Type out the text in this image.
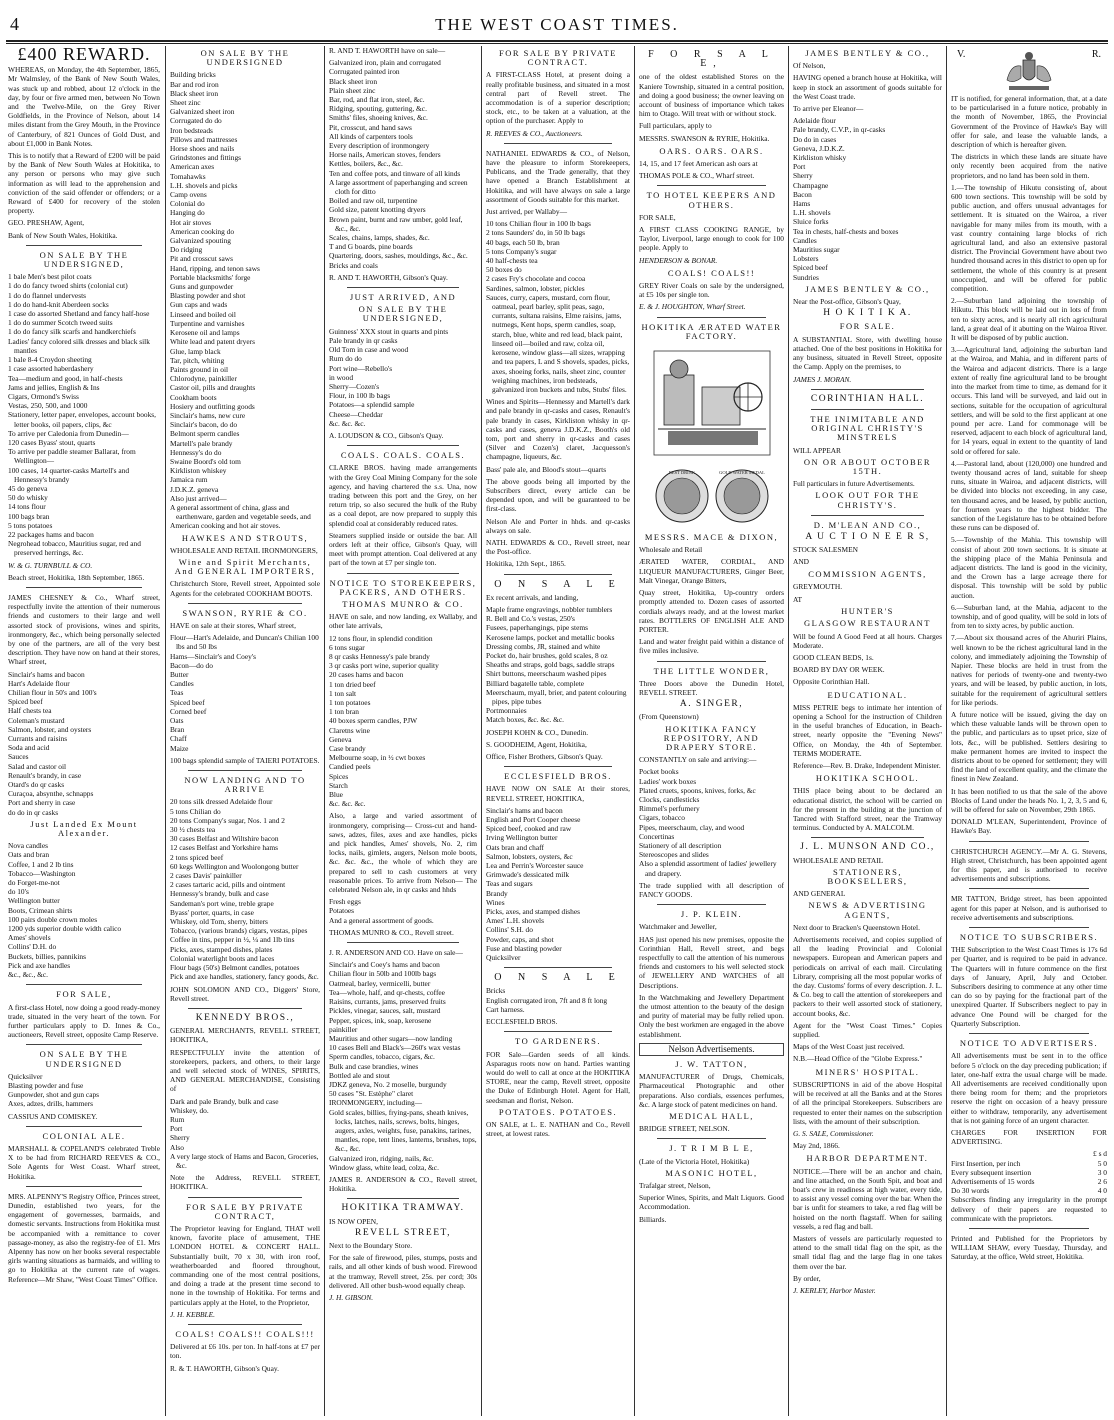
4	THE WEST COAST TIMES.
£400 REWARD.

WHEREAS, on Monday, the 4th September, 1865, Mr Walmsley, of the Bank of New South Wales, was stuck up and robbed, about 12 o'clock in the day, by four or five armed men, between No Town and the Twelve-Mile, on the Grey River Goldfields, in the Province of Nelson, about 14 miles distant from the Grey Mouth, in the Province of Canterbury, of 821 Ounces of Gold Dust, and about £1,000 in Bank Notes.

This is to notify that a Reward of £200 will be paid by the Bank of New South Wales at Hokitika, to any person or persons who may give such information as will lead to the apprehension and conviction of the said offender or offenders; or a Reward of £400 for recovery of the stolen property.

GEO. PRESHAW, Agent,

Bank of New South Wales, Hokitika.

ON SALE BY THE UNDERSIGNED,
1 bale Men's best pilot coats
1 do do fancy twoed shirts (colonial cut)
1 do do flannel undervests
1 do do hand-knit Aberdeen socks
1 case do assorted Shetland and fancy half-hose
1 do do summer Scotch tweed suits
1 do do fancy silk scarfs and handkerchiefs
Ladies' fancy colored silk dresses and black silk mantles
1 bale 8-4 Croydon sheeting
1 case assorted haberdashery
Tea—medium and good, in half-chests
Jams and jellies, English & Ins
Cigars, Ormond's Swiss
Vestas, 250, 500, and 1000
Stationery, letter paper, envelopes, account books, letter books, oil papers, clips, &c
To arrive per Caledonia from Dunedin—
120 cases Byass' stout, quarts
To arrive per paddle steamer Ballarat, from Wellington—
100 cases, 14 quarter-casks Martell's and Hennessy's brandy
45 do geneva
50 do whisky
14 tons flour
100 bags bran
5 tons potatoes
22 packages hams and bacon
Negrohead tobacco, Mauritius sugar, red and preserved herrings, &c.

W. & G. TURNBULL & CO.

Beach street, Hokitika, 18th September, 1865.

JAMES CHESNEY & Co., Wharf street, respectfully invite the attention of their numerous friends and customers to their large and well assorted stock of provisions, wines and spirits, ironmongery, &c., which being personally selected by one of the partners, are all of the very best description. They have now on hand at their stores, Wharf street,

Sinclair's hams and bacon
Hart's Adelaide flour
Chilian flour in 50's and 100's
Spiced beef
Half chests tea
Coleman's mustard
Salmon, lobster, and oysters
Currants and raisins
Soda and acid
Sauces
Salad and castor oil
Renault's brandy, in case
Otard's do qr casks
Curaçoa, absynthe, schnapps
Port and sherry in case
do do in qr casks
Just Landed Ex Mount Alexander.
Nova candles
Oats and bran
Coffee, 1 and 2 lb tins
Tobacco—Washington
do Forget-me-not
do 10's
Wellington butter
Boots, Crimean shirts
100 pairs double crown moles
1200 yds superior double width calico
Ames' shovels
Collins' D.H. do
Buckets, billies, pannikins
Pick and axe handles
&c., &c., &c.
FOR SALE,

A first-class Hotel, now doing a good ready-money trade, situated in the very heart of the town. For further particulars apply to D. Innes & Co., auctioneers, Revell street, opposite Camp Reserve.

ON SALE BY THE UNDERSIGNED
Quicksilver
Blasting powder and fuse
Gunpowder, shot and gun caps
Axes, adzes, drills, hammers

CASSIUS AND COMISKEY.

COLONIAL ALE.

MARSHALL & COPELAND'S celebrated Treble X to be had from RICHARD REEVES & CO., Sole Agents for West Coast. Wharf street, Hokitika.

MRS. ALPENNY'S Registry Office, Princes street, Dunedin, established two years, for the engagement of governesses, barmaids, and domestic servants. Instructions from Hokitika must be accompanied with a remittance to cover passage-money, as also the registry-fee of £1. Mrs Alpenny has now on her books several respectable girls wanting situations as barmaids, and willing to go to Hokitika at the current rate of wages. Reference—Mr Shaw, "West Coast Times" Office.

ON SALE BY THE UNDERSIGNED
Building bricks
Bar and rod iron
Black sheet iron
Sheet zinc
Galvanized sheet iron
Corrugated do do
Iron bedsteads
Pillows and mattresses
Horse shoes and nails
Grindstones and fittings
American axes
Tomahawks
L.H. shovels and picks
Camp ovens
Colonial do
Hanging do
Hot air stoves
American cooking do
Galvanized spouting
Do ridging
Pit and crosscut saws
Hand, ripping, and tenon saws
Portable blacksmiths' forge
Guns and gunpowder
Blasting powder and shot
Gun caps and wads
Linseed and boiled oil
Turpentine and varnishes
Kerosene oil and lamps
White lead and patent dryers
Glue, lamp black
Tar, pitch, whiting
Paints ground in oil
Chlorodyne, painkiller
Castor oil, pills and draughts
Cookham boots
Hosiery and outfitting goods
Sinclair's hams, new cure
Sinclair's bacon, do do
Belmont sperm candles
Martell's pale brandy
Hennessy's do do
Swaine Boord's old tom
Kirkliston whiskey
Jamaica rum
J.D.K.Z. geneva
Also just arrived—
A general assortment of china, glass and earthenware, garden and vegetable seeds, and
American cooking and hot air stoves.
HAWKES AND STROUTS,

WHOLESALE AND RETAIL IRONMONGERS,

Wine and Spirit Merchants, And GENERAL IMPORTERS,

Christchurch Store, Revell street, Appointed sole Agents for the celebrated COOKHAM BOOTS.

SWANSON, RYRIE & CO.

HAVE on sale at their stores, Wharf street,

Flour—Hart's Adelaide, and Duncan's Chilian 100 lbs and 50 lbs
Hams—Sinclair's and Coey's
Bacon—do do
Butter
Candles
Teas
Spiced beef
Corned beef
Oats
Bran
Chaff
Maize

100 bags splendid sample of TAIERI POTATOES.

NOW LANDING AND TO ARRIVE
20 tons silk dressed Adelaide flour
5 tons Chilian do
20 tons Company's sugar, Nos. 1 and 2
30 ½ chests tea
30 cases Belfast and Wiltshire bacon
12 cases Belfast and Yorkshire hams
2 tons spiced beef
60 kegs Wellington and Woolongong butter
2 cases Davis' painkiller
2 cases tartaric acid, pills and ointment
Hennessy's brandy, bulk and case
Sandeman's port wine, treble grape
Byass' porter, quarts, in case
Whiskey, old Tom, sherry, bitters
Tobacco, (various brands) cigars, vestas, pipes
Coffee in tins, pepper in ½, ¼ and 1lb tins
Picks, axes, stamped dishes, plates
Colonial waterlight boots and laces
Flour bags (50's) Belmont candles, potatoes
Pick and axe handles, stationery, fancy goods, &c.

JOHN SOLOMON AND CO., Diggers' Store, Revell street.

KENNEDY BROS.,

GENERAL MERCHANTS, REVELL STREET, HOKITIKA,

RESPECTFULLY invite the attention of storekeepers, packers, and others, to their large and well selected stock of WINES, SPIRITS, AND GENERAL MERCHANDISE, Consisting of

Dark and pale Brandy, bulk and case
Whiskey, do.
Rum
Port
Sherry
Also
A very large stock of Hams and Bacon, Groceries, &c.

Note the Address, REVELL STREET, HOKITIKA.

FOR SALE BY PRIVATE CONTRACT,

The Proprietor leaving for England, THAT well known, favorite place of amusement, THE LONDON HOTEL & CONCERT HALL. Substantially built, 70 x 30, with iron roof, weatherboarded and floored throughout, commanding one of the most central positions, and doing a trade at the present time second to none in the township of Hokitika. For terms and particulars apply at the Hotel, to the Proprietor,

J. H. KEBBLE.

COALS! COALS!! COALS!!!

Delivered at £6 10s. per ton. In half-tons at £7 per ton.

R. & T. HAWORTH, Gibson's Quay.

R. AND T. HAWORTH have on sale—

Galvanized iron, plain and corrugated
Corrugated painted iron
Black sheet iron
Plain sheet zinc
Bar, rod, and flat iron, steel, &c.
Ridging, spouting, guttering, &c.
Smiths' files, shoeing knives, &c.
Pit, crosscut, and hand saws
All kinds of carpenters tools
Every description of ironmongery
Horse nails, American stoves, fenders
Kettles, boilers, &c., &c.
Ten and coffee pots, and tinware of all kinds
A large assortment of paperhanging and screen cloth for ditto
Boiled and raw oil, turpentine
Gold size, patent knotting dryers
Brown paint, burnt and raw umber, gold leaf, &c., &c.
Scales, chains, lamps, shades, &c.
T and G boards, pine boards
Quartering, doors, sashes, mouldings, &c., &c.
Bricks and coals

R. AND T. HAWORTH, Gibson's Quay.

JUST ARRIVED, AND
ON SALE BY THE UNDERSIGNED,
Guinness' XXX stout in quarts and pints
Pale brandy in qr casks
Old Tom in case and wood
Rum do do
Port wine—Rebello's
in wood
Sherry—Cozen's
Flour, in 100 lb bags
Potatoes—a splendid sample
Cheese—Cheddar
&c. &c. &c.

A. LOUDSON & CO., Gibson's Quay.

COALS. COALS. COALS.

CLARKE BROS. having made arrangements with the Grey Coal Mining Company for the sole agency, and having chartered the s.s. Una, now trading between this port and the Grey, on her return trip, so also secured the hulk of the Ruby as a coal depot, are now prepared to supply this splendid coal at considerably reduced rates.

Steamers supplied inside or outside the bar. All orders left at their office, Gibson's Quay, will meet with prompt attention. Coal delivered at any part of the town at £7 per single ton.

NOTICE TO STOREKEEPERS, PACKERS, AND OTHERS.
THOMAS MUNRO & CO.

HAVE on sale, and now landing, ex Wallaby, and other late arrivals,

12 tons flour, in splendid condition
6 tons sugar
8 qr casks Hennessy's pale brandy
3 qr casks port wine, superior quality
20 cases hams and bacon
1 ton dried beef
1 ton salt
1 ton potatoes
1 ton bran
40 boxes sperm candles, PJW
Claretns wine
Geneva
Case brandy
Melbourne soap, in ½ cwt boxes
Candied peels
Spices
Starch
Blue
&c. &c. &c.

Also, a large and varied assortment of ironmongery, comprising— Cross-cut and hand-saws, adzes, files, axes and axe handles, picks and pick handles, Ames' shovels, No. 2, rim locks, nails, gimlets, augers, Nelson mole boots, &c. &c. &c., the whole of which they are prepared to sell to cash customers at very reasonable prices. To arrive from Nelson— The celebrated Nelson ale, in qr casks and hhds

Fresh eggs
Potatoes
And a general assortment of goods.

THOMAS MUNRO & CO., Revell street.

J. R. ANDERSON AND CO. Have on sale—

Sinclair's and Coey's hams and bacon
Chilian flour in 50lb and 100lb bags
Oatmeal, barley, vermicelli, butter
Tea—whole, half, and qr-chests, coffee
Raisins, currants, jams, preserved fruits
Pickles, vinegar, sauces, salt, mustard
Pepper, spices, ink, soap, kerosene
painkiller
Mauritius and other sugars—now landing
10 cases Bell and Black's—260's wax vestas
Sperm candles, tobacco, cigars, &c.
Bulk and case brandies, wines
Bottled ale and stout
JDKZ geneva, No. 2 moselle, burgundy
50 cases "St. Estèphe" claret
IRONMONGERY, including—
Gold scales, billies, frying-pans, sheath knives, locks, latches, nails, screws, bolts, hinges, augers, axles, weights, fuse, panakins, tarines, mantles, rope, tent lines, lanterns, brushes, tops, &c., &c.
Galvanized iron, ridging, nails, &c.
Window glass, white lead, colza, &c.

JAMES R. ANDERSON & CO., Revell street, Hokitika.

HOKITIKA TRAMWAY.

IS NOW OPEN,

REVELL STREET,

Next to the Boundary Store.

For the sale of firewood, piles, stumps, posts and rails, and all other kinds of bush wood. Firewood at the tramway, Revell street, 25s. per cord; 30s delivered. All other bush-wood equally cheap.

J. H. GIBSON.

FOR SALE BY PRIVATE CONTRACT.

A FIRST-CLASS Hotel, at present doing a really profitable business, and situated in a most central part of Revell street. The accommodation is of a superior description; stock, etc., to be taken at a valuation, at the option of the purchaser. Apply to

R. REEVES & CO., Auctioneers.

NATHANIEL EDWARDS & CO., of Nelson, have the pleasure to inform Storekeepers, Publicans, and the Trade generally, that they have opened a Branch Establishment at Hokitika, and will have always on sale a large assortment of Goods suitable for this market.

Just arrived, per Wallaby—

10 tons Chilian flour in 100 lb bags
2 tons Saunders' do, in 50 lb bags
40 bags, each 50 lb, bran
5 tons Company's sugar
40 half-chests tea
50 boxes do
2 cases Fry's chocolate and cocoa
Sardines, salmon, lobster, pickles
Sauces, curry, capers, mustard, corn flour, oatmeal, pearl barley, split peas, sago, currants, sultana raisins, Elme raisins, jams, nutmegs, Kent hops, sperm candles, soap, starch, blue, white and red lead, black paint, linseed oil—boiled and raw, colza oil, kerosene, window glass—all sizes, wrapping and tea papers, L and S shovels, spades, picks, axes, shoeing forks, nails, sheet zinc, counter weighing machines, iron bedsteads, galvanized iron buckets and tubs, Stubs' files.

Wines and Spirits—Hennessy and Martell's dark and pale brandy in qr-casks and cases, Renault's pale brandy in cases, Kirkliston whisky in qr-casks and cases, geneva J.D.K.Z., Booth's old tom, port and sherry in qr-casks and cases (Silver and Cozen's) claret, Jacquesson's champagne, liqueurs, &c.

Bass' pale ale, and Blood's stout—quarts

The above goods being all imported by the Subscribers direct, every article can be depended upon, and will be guaranteed to be first-class.

Nelson Ale and Porter in hhds. and qr-casks always on sale.

NATH. EDWARDS & CO., Revell street, near the Post-office.

Hokitika, 12th Sept., 1865.

O N S A L E

Ex recent arrivals, and landing,

Maple frame engravings, nobbler tumblers
R. Bell and Co.'s vestas, 250's
Fusees, paperhangings, pipe stems
Kerosene lamps, pocket and metallic books
Dressing combs, JR, stained and white
Pocket do, hair brushes, gold scales, 8 oz
Sheaths and straps, gold bags, saddle straps
Shirt buttons, meerschaum washed pipes
Billiard bagatelle table, complete
Meerschaum, myall, brier, and patent colouring pipes, pipe tubes
Portmonnaies
Match boxes, &c. &c. &c.

JOSEPH KOHN & CO., Dunedin.

S. GOODHEIM, Agent, Hokitika,

Office, Fisher Brothers, Gibson's Quay.

ECCLESFIELD BROS.

HAVE NOW ON SALE At their stores, REVELL STREET, HOKITIKA,

Sinclair's hams and bacon
English and Port Cooper cheese
Spiced beef, cooked and raw
Irving Wellington butter
Oats bran and chaff
Salmon, lobsters, oysters, &c
Lea and Perrin's Worcester sauce
Grimwade's dessicated milk
Teas and sugars
Brandy
Wines
Picks, axes, and stamped dishes
Ames' L.H. shovels
Collins' S.H. do
Powder, caps, and shot
Fuse and blasting powder
Quicksilver
O N S A L E
Bricks
English corrugated iron, 7ft and 8 ft long
Cart harness.

ECCLESFIELD BROS.

TO GARDENERS.

FOR Sale—Garden seeds of all kinds. Asparagus roots now on hand. Parties wanting would do well to call at once at the HOKITIKA STORE, near the camp, Revell street, opposite the Duke of Edinburgh Hotel. Agent for Hall, seedsman and florist, Nelson.

POTATOES. POTATOES.

ON SALE, at L. E. NATHAN and Co., Revell street, at lowest rates.

F O R S A L E,

one of the oldest established Stores on the Kaniere Township, situated in a central position, and doing a good business; the owner leaving on account of business of importance which takes him to Otago. Will treat with or without stock.

Full particulars, apply to

MESSRS. SWANSON & RYRIE, Hokitika.

OARS. OARS. OARS.

14, 15, and 17 feet American ash oars at

THOMAS POLE & CO., Wharf street.

TO HOTEL KEEPERS AND OTHERS.

FOR SALE,

A FIRST CLASS COOKING RANGE, by Taylor, Liverpool, large enough to cook for 100 people. Apply to

HENDERSON & BONAR.

COALS! COALS!!

GREY River Coals on sale by the undersigned, at £5 10s per single ton.

E. & J. HOUGHTON, Wharf Street.

HOKITIKA ÆRATED WATER FACTORY.
BEST DRINK	GOLD WATER MEDAL
MESSRS. MACE & DIXON,

Wholesale and Retail

ÆRATED WATER, CORDIAL, AND LIQUEUR MANUFACTURERS, Ginger Beer, Malt Vinegar, Orange Bitters,

Quay street, Hokitika, Up-country orders promptly attended to. Dozen cases of assorted cordials always ready, and at the lowest market rates. BOTTLERS OF ENGLISH ALE AND PORTER.

Land and water freight paid within a distance of five miles inclusive.

THE LITTLE WONDER,

Three Doors above the Dunedin Hotel, REVELL STREET.

A. SINGER,

(From Queenstown)

HOKITIKA FANCY REPOSITORY, AND DRAPERY STORE.

CONSTANTLY on sale and arriving:—

Pocket books
Ladies' work boxes
Plated cruets, spoons, knives, forks, &c
Clocks, candlesticks
Rimmel's perfumery
Cigars, tobacco
Pipes, meerschaum, clay, and wood
Concertinas
Stationery of all description
Stereoscopes and slides
Also a splendid assortment of ladies' jewellery and drapery.

The trade supplied with all description of FANCY GOODS.

J. P. KLEIN.

Watchmaker and Jeweller,

HAS just opened his new premises, opposite the Corinthian Hall, Revell street, and begs respectfully to call the attention of his numerous friends and customers to his well selected stock of JEWELLERY AND WATCHES of all Descriptions.

In the Watchmaking and Jewellery Department the utmost attention to the beauty of the design and purity of material may be fully relied upon. Only the best workmen are engaged in the above establishment.

Nelson Advertisements.
J. W. TATTON,

MANUFACTURER of Drugs, Chemicals, Pharmaceutical Photographic and other preparations. Also cordials, essences perfumes, &c. A large stock of patent medicines on hand.

MEDICAL HALL,

BRIDGE STREET, NELSON.

J. T R I M B L E,

(Late of the Victoria Hotel, Hokitika)

MASONIC HOTEL,

Trafalgar street, Nelson,

Superior Wines, Spirits, and Malt Liquors. Good Accommodation.

Billiards.

JAMES BENTLEY & CO.,

Of Nelson,

HAVING opened a branch house at Hokitika, will keep in stock an assortment of goods suitable for the West Coast trade.

To arrive per Eleanor—

Adelaide flour
Pale brandy, C.V.P., in qr-casks
Do do in cases
Geneva, J.D.K.Z.
Kirkliston whisky
Port
Sherry
Champagne
Bacon
Hams
L.H. shovels
Sluice forks
Tea in chests, half-chests and boxes
Candles
Mauritius sugar
Lobsters
Spiced beef
Sundries
JAMES BENTLEY & CO.,

Near the Post-office, Gibson's Quay,

H O K I T I K A.
FOR SALE.

A SUBSTANTIAL Store, with dwelling house attached. One of the best positions in Hokitika for any business, situated in Revell Street, opposite the Camp. Apply on the premises, to

JAMES J. MORAN.

CORINTHIAN HALL.
THE INIMITABLE AND ORIGINAL CHRISTY'S MINSTRELS

WILL APPEAR

ON OR ABOUT OCTOBER 15TH.

Full particulars in future Advertisements.

LOOK OUT FOR THE CHRISTY'S.
D. M'LEAN AND CO.,
A U C T I O N E E R S,

STOCK SALESMEN

AND

COMMISSION AGENTS,

GREYMOUTH.

AT

HUNTER'S
GLASGOW RESTAURANT

Will be found A Good Feed at all hours. Charges Moderate.

GOOD CLEAN BEDS, 1s.

BOARD BY DAY OR WEEK.

Opposite Corinthian Hall.

EDUCATIONAL.

MISS PETRIE begs to intimate her intention of opening a School for the instruction of Children in the useful branches of Education, in Beach-street, nearly opposite the "Evening News" Office, on Monday, the 4th of September. TERMS MODERATE.

Reference—Rev. B. Drake, Independent Minister.

HOKITIKA SCHOOL.

THIS place being about to be declared an educational district, the school will be carried on for the present in the building at the junction of Tancred with Stafford street, near the Tramway terminus. Conducted by A. MALCOLM.

J. L. MUNSON AND CO.,

WHOLESALE AND RETAIL

STATIONERS, BOOKSELLERS,

AND GENERAL

NEWS & ADVERTISING AGENTS,

Next door to Bracken's Queenstown Hotel.

Advertisements received, and copies supplied of all the leading Provincial and Colonial newspapers. European and American papers and periodicals on arrival of each mail. Circulating Library, comprising all the most popular works of the day. Customs' forms of every description. J. L. & Co. beg to call the attention of storekeepers and packers to their well assorted stock of stationery, account books, &c.

Agent for the "West Coast Times." Copies supplied.

Maps of the West Coast just received.

N.B.—Head Office of the "Globe Express."

MINERS' HOSPITAL.

SUBSCRIPTIONS in aid of the above Hospital will be received at all the Banks and at the Stores of all the principal Storekeepers. Subscribers are requested to enter their names on the subscription lists, with the amount of their subscription.

G. S. SALE, Commissioner.

May 2nd, 1866.

HARBOR DEPARTMENT.

NOTICE.—There will be an anchor and chain, and line attached, on the South Spit, and boat and boat's crew in readiness at high water, every tide, to assist any vessel coming over the bar. When the bar is unfit for steamers to take, a red flag will be hoisted on the north flagstaff. When for sailing vessels, a red flag and ball.

Masters of vessels are particularly requested to attend to the small tidal flag on the spit, as the small tidal flag and the large flag in one takes them over the bar.

By order,

J. KERLEY, Harbor Master.

V.	R.

IT is notified, for general information, that, at a date to be particularised in a future notice, probably in the month of November, 1865, the Provincial Government of the Province of Hawke's Bay will offer for sale, and lease the valuable lands, a description of which is hereafter given.

The districts in which these lands are situate have only recently been acquired from the native proprietors, and no land has been sold in them.

1.—The township of Hikutu consisting of, about 600 town sections. This township will be sold by public auction, and offers unusual advantages for settlement. It is situated on the Wairoa, a river navigable for many miles from its mouth, with a vast country containing large blocks of rich agricultural land, and also an extensive pastoral district. The Provincial Government have about two hundred thousand acres in this district to open up for settlement, the whole of this country is at present unoccupied, and will be offered for public competition.

2.—Suburban land adjoining the township of Hikutu. This block will be laid out in lots of from ten to sixty acres, and is nearly all rich agricultural land, a great deal of it abutting on the Wairoa River. It will be disposed of by public auction.

3.—Agricultural land, adjoining the suburban land at the Wairoa, and Mahia, and in different parts of the Wairoa and adjacent districts. There is a large extent of really fine agricultural land to be brought into the market from time to time, as demand for it occurs. This land will be surveyed, and laid out in sections, suitable for the occupation of agricultural settlers, and will be sold to the first applicant at one pound per acre. Land for commonage will be reserved, adjacent to each block of agricultural land, for 14 years, equal in extent to the quantity of land sold or offered for sale.

4.—Pastoral land, about (120,000) one hundred and twenty thousand acres of land, suitable for sheep runs, situate in Wairoa, and adjacent districts, will be divided into blocks not exceeding, in any case, ten thousand acres, and be leased, by public auction, for fourteen years to the highest bidder. The sanction of the Legislature has to be obtained before these runs can be disposed of.

5.—Township of the Mahia. This township will consist of about 200 town sections. It is situate at the shipping place of the Mahia Peninsula and adjacent districts. The land is good in the vicinity, and the Crown has a large acreage there for disposal. This township will be sold by public auction.

6.—Suburban land, at the Mahia, adjacent to the township, and of good quality, will be sold in lots of from ten to sixty acres, by public auction.

7.—About six thousand acres of the Ahuriri Plains, well known to be the richest agricultural land in the colony, and immediately adjoining the Township of Napier. These blocks are held in trust from the natives for periods of twenty-one and twenty-two years, and will be leased, by public auction, in lots, suitable for the requirement of agricultural settlers for like periods.

A future notice will be issued, giving the day on which these valuable lands will be thrown open to the public, and particulars as to upset price, size of lots, &c., will be published. Settlers desiring to make permanent homes are invited to inspect the districts about to be opened for settlement; they will find the land of excellent quality, and the climate the finest in New Zealand.

It has been notified to us that the sale of the above Blocks of Land under the heads No. 1, 2, 3, 5 and 6, will be offered for sale on November, 29th 1865.

DONALD M'LEAN, Superintendent, Province of Hawke's Bay.

CHRISTCHURCH AGENCY.—Mr A. G. Stevens, High street, Christchurch, has been appointed agent for this paper, and is authorised to receive advertisements and subscriptions.

MR TATTON, Bridge street, has been appointed agent for this paper at Nelson, and is authorised to receive advertisements and subscriptions.

NOTICE TO SUBSCRIBERS.

THE Subscription to the West Coast Times is 17s 6d per Quarter, and is required to be paid in advance. The Quarters will in future commence on the first days of January, April, July and October. Subscribers desiring to commence at any other time can do so by paying for the fractional part of the unexpired Quarter. If Subscribers neglect to pay in advance One Pound will be charged for the Quarterly Subscription.

NOTICE TO ADVERTISERS.

All advertisements must be sent in to the office before 5 o'clock on the day preceding publication; if later, one-half extra the usual charge will be made. All advertisements are received conditionally upon there being room for them; and the proprietors reserve the right on occasion of a heavy pressure either to withdraw, temporarily, any advertisement that is not gaining force of an urgent character.

CHARGES FOR INSERTION FOR ADVERTISING.

£ s d

First Insertion, per inch	5 0
Every subsequent insertion	3 0
Advertisements of 15 words	2 6
Do 30 words	4 0

Subscribers finding any irregularity in the prompt delivery of their papers are requested to communicate with the proprietors.

Printed and Published for the Proprietors by WILLIAM SHAW, every Tuesday, Thursday, and Saturday, at the office, Weld street, Hokitika.
